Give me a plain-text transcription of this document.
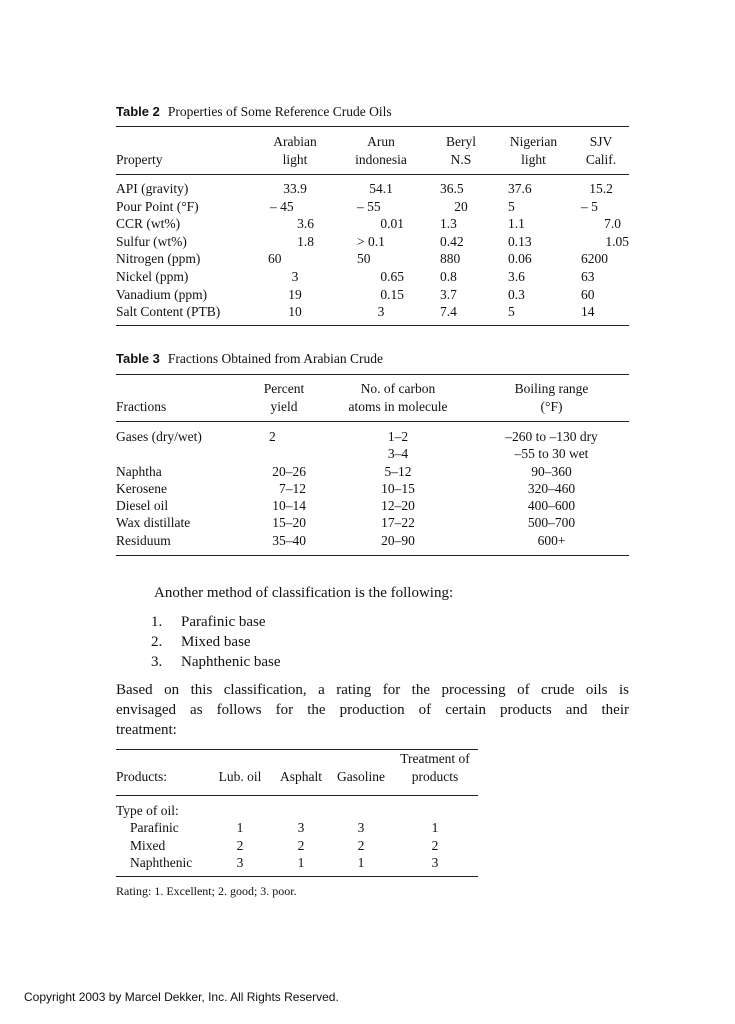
Table 2 Properties of Some Reference Crude Oils
	Arabian	Arun	Beryl	Nigerian	SJV
Property	light	indonesia	N.S	light	Calif.
API (gravity)	33.9	54.1	36.5	37.6	15.2
Pour Point (°F)	– 45	– 55	20	5	– 5
CCR (wt%)	3.6	0.01	1.3	1.1	7.0
Sulfur (wt%)	1.8	> 0.1	0.42	0.13	1.05
Nitrogen (ppm)	60	50	880	0.06	6200
Nickel (ppm)	3	0.65	0.8	3.6	63
Vanadium (ppm)	19	0.15	3.7	0.3	60
Salt Content (PTB)	10	3	7.4	5	14
Table 3 Fractions Obtained from Arabian Crude
	Percent	No. of carbon	Boiling range
Fractions	yield	atoms in molecule	(°F)
Gases (dry/wet)	2	1–2	–260 to –130 dry
		3–4	–55 to 30 wet
Naphtha	20–26	5–12	90–360
Kerosene	7–12	10–15	320–460
Diesel oil	10–14	12–20	400–600
Wax distillate	15–20	17–22	500–700
Residuum	35–40	20–90	600+
Another method of classification is the following:
1. Parafinic base
2. Mixed base
3. Naphthenic base
Based on this classification, a rating for the processing of crude oils is
envisaged as follows for the production of certain products and their
treatment:
				Treatment of
Products:	Lub. oil	Asphalt	Gasoline	products
Type of oil:				
Parafinic	1	3	3	1
Mixed	2	2	2	2
Naphthenic	3	1	1	3
Rating: 1. Excellent; 2. good; 3. poor.
Copyright 2003 by Marcel Dekker, Inc. All Rights Reserved.
